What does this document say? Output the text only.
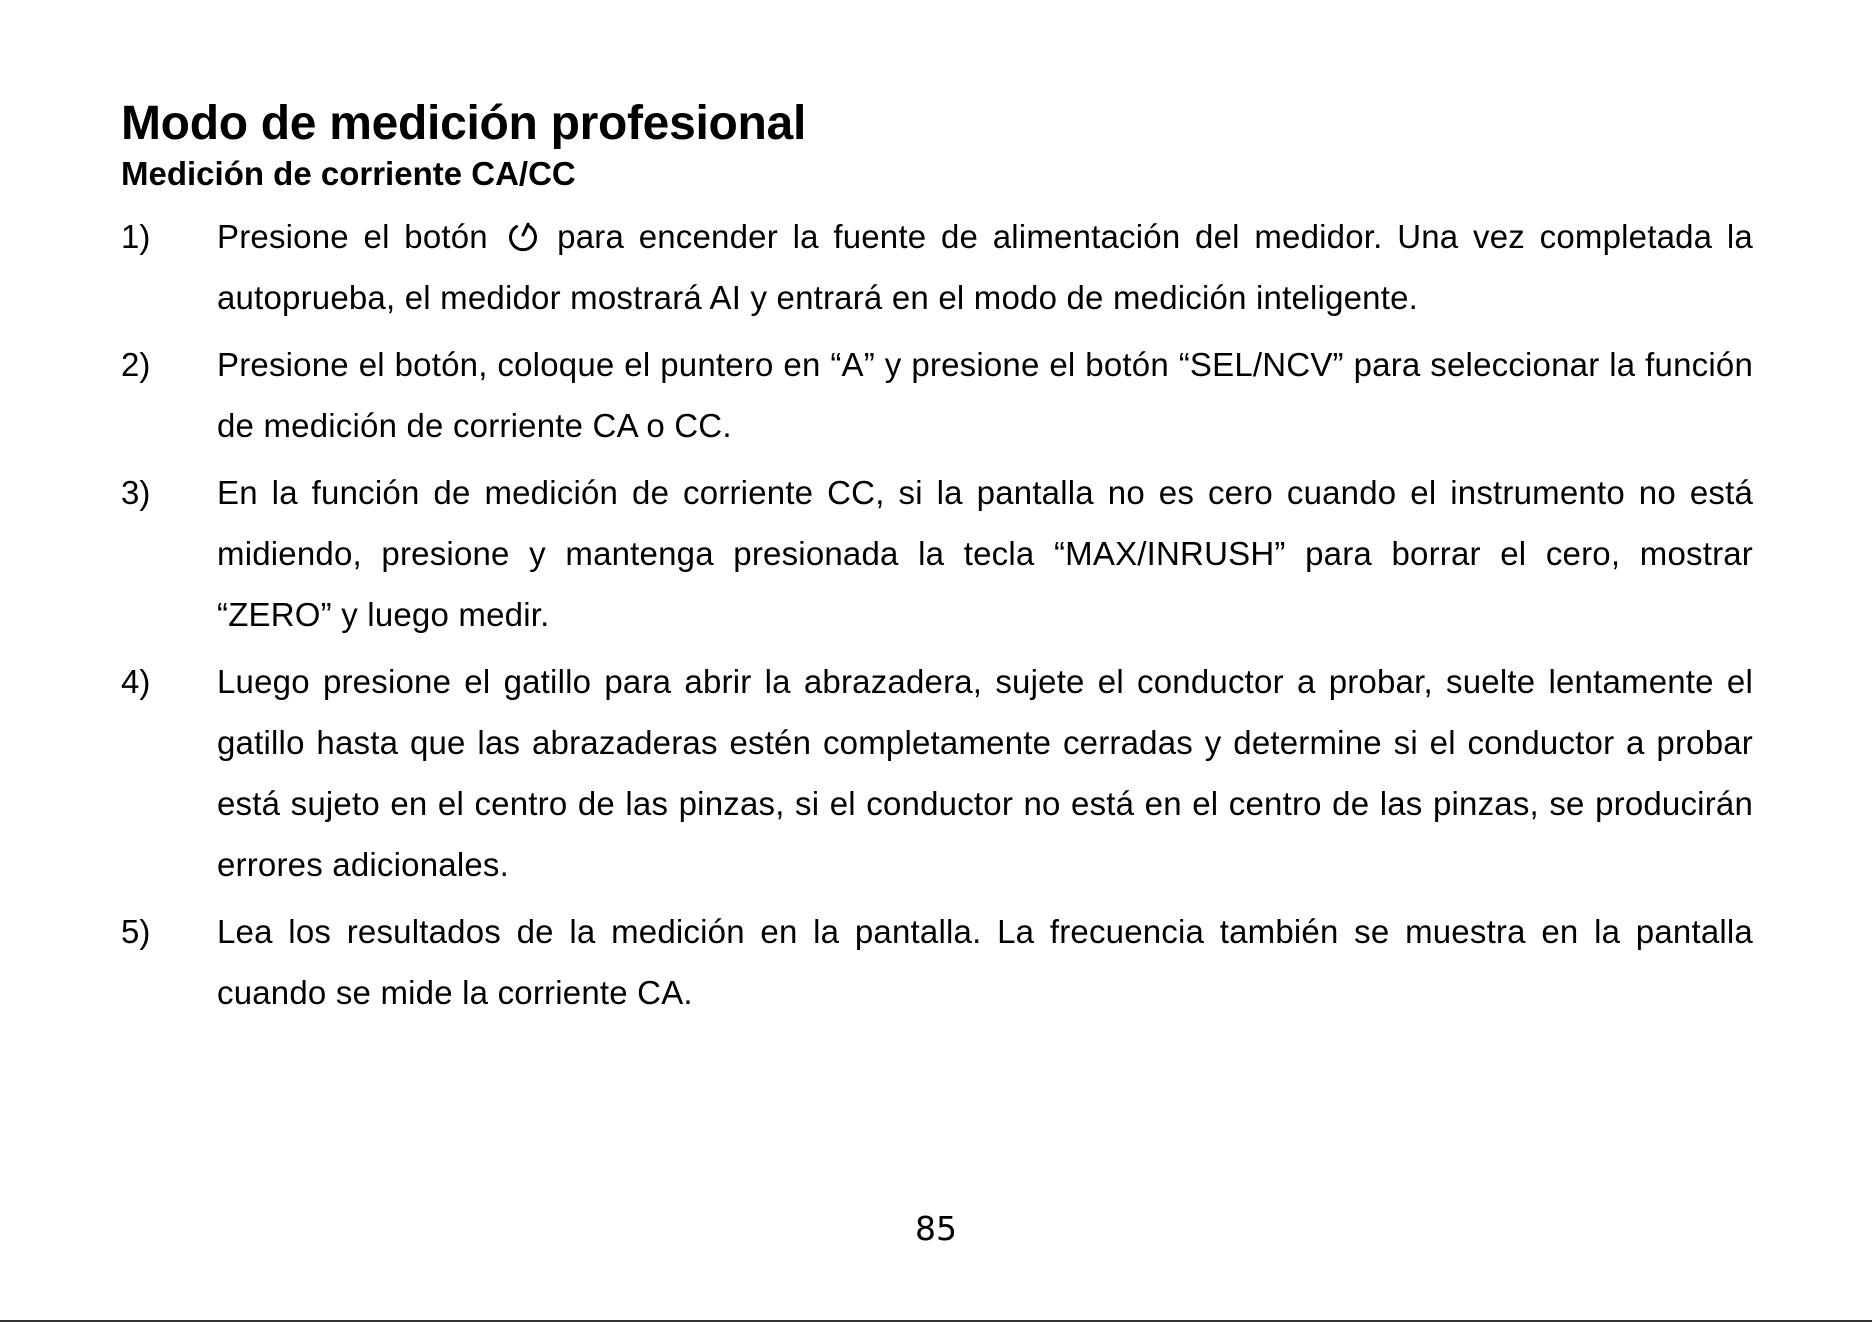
Modo de medición profesional
Medición de corriente CA/CC
1) Presione el botón  para encender la fuente de alimentación del medidor. Una vez completada la autoprueba, el medidor mostrará AI y entrará en el modo de medición inteligente.
2) Presione el botón, coloque el puntero en “A” y presione el botón “SEL/NCV” para seleccionar la función de medición de corriente CA o CC.
3) En la función de medición de corriente CC, si la pantalla no es cero cuando el instrumento no está midiendo, presione y mantenga presionada la tecla “MAX/INRUSH” para borrar el cero, mostrar “ZERO” y luego medir.
4) Luego presione el gatillo para abrir la abrazadera, sujete el conductor a probar, suelte lentamente el gatillo hasta que las abrazaderas estén completamente cerradas y determine si el conductor a probar está sujeto en el centro de las pinzas, si el conductor no está en el centro de las pinzas, se producirán errores adicionales.
5) Lea los resultados de la medición en la pantalla. La frecuencia también se muestra en la pantalla cuando se mide la corriente CA.
85
